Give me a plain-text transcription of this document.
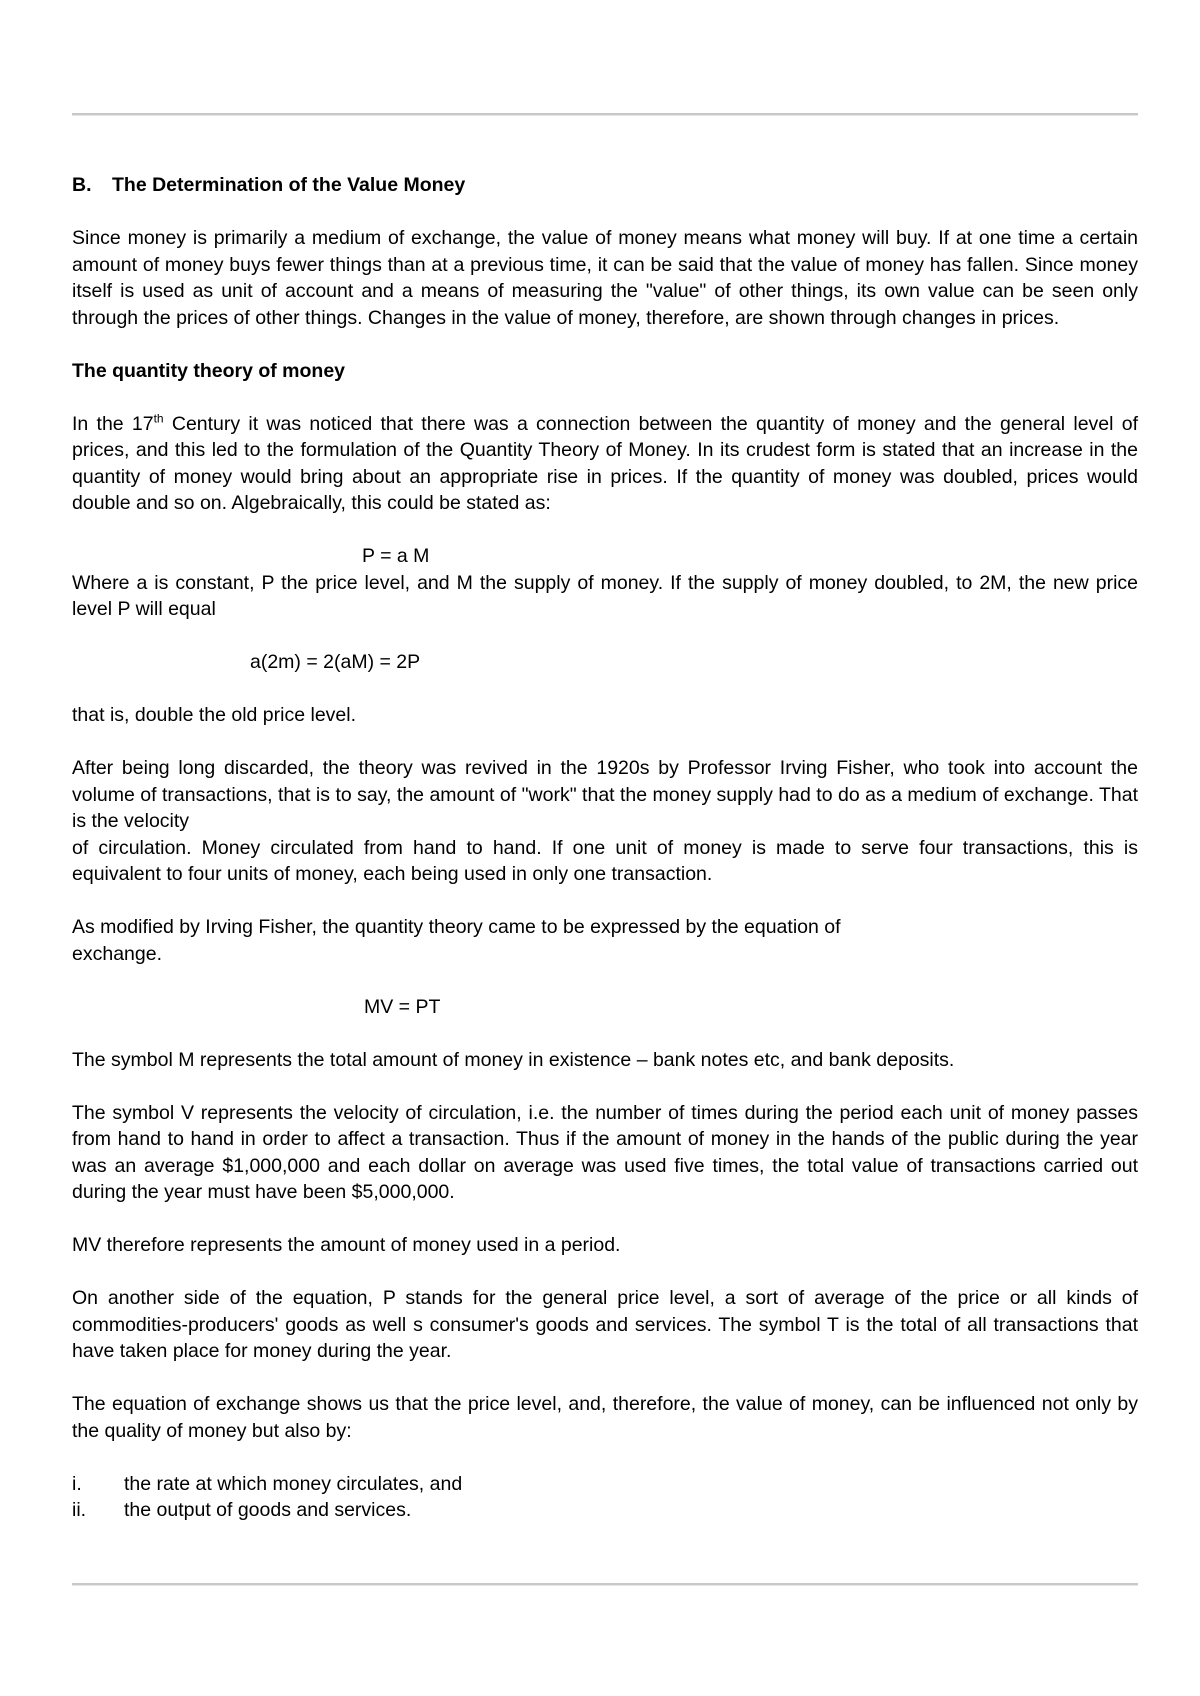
B. The Determination of the Value Money

Since money is primarily a medium of exchange, the value of money means what money will buy. If at one time a certain amount of money buys fewer things than at a previous time, it can be said that the value of money has fallen. Since money itself is used as unit of account and a means of measuring the "value" of other things, its own value can be seen only through the prices of other things. Changes in the value of money, therefore, are shown through changes in prices.

The quantity theory of money

In the 17th Century it was noticed that there was a connection between the quantity of money and the general level of prices, and this led to the formulation of the Quantity Theory of Money. In its crudest form is stated that an increase in the quantity of money would bring about an appropriate rise in prices. If the quantity of money was doubled, prices would double and so on. Algebraically, this could be stated as:

P = a M

Where a is constant, P the price level, and M the supply of money. If the supply of money doubled, to 2M, the new price level P will equal

a(2m) = 2(aM) = 2P

that is, double the old price level.

After being long discarded, the theory was revived in the 1920s by Professor Irving Fisher, who took into account the volume of transactions, that is to say, the amount of "work" that the money supply had to do as a medium of exchange. That is the velocity

of circulation. Money circulated from hand to hand. If one unit of money is made to serve four transactions, this is equivalent to four units of money, each being used in only one transaction.

As modified by Irving Fisher, the quantity theory came to be expressed by the equation of

exchange.

MV = PT

The symbol M represents the total amount of money in existence – bank notes etc, and bank deposits.

The symbol V represents the velocity of circulation, i.e. the number of times during the period each unit of money passes from hand to hand in order to affect a transaction. Thus if the amount of money in the hands of the public during the year was an average $1,000,000 and each dollar on average was used five times, the total value of transactions carried out during the year must have been $5,000,000.

MV therefore represents the amount of money used in a period.

On another side of the equation, P stands for the general price level, a sort of average of the price or all kinds of commodities-producers' goods as well s consumer's goods and services. The symbol T is the total of all transactions that have taken place for money during the year.

The equation of exchange shows us that the price level, and, therefore, the value of money, can be influenced not only by the quality of money but also by:

i. the rate at which money circulates, and
ii. the output of goods and services.
